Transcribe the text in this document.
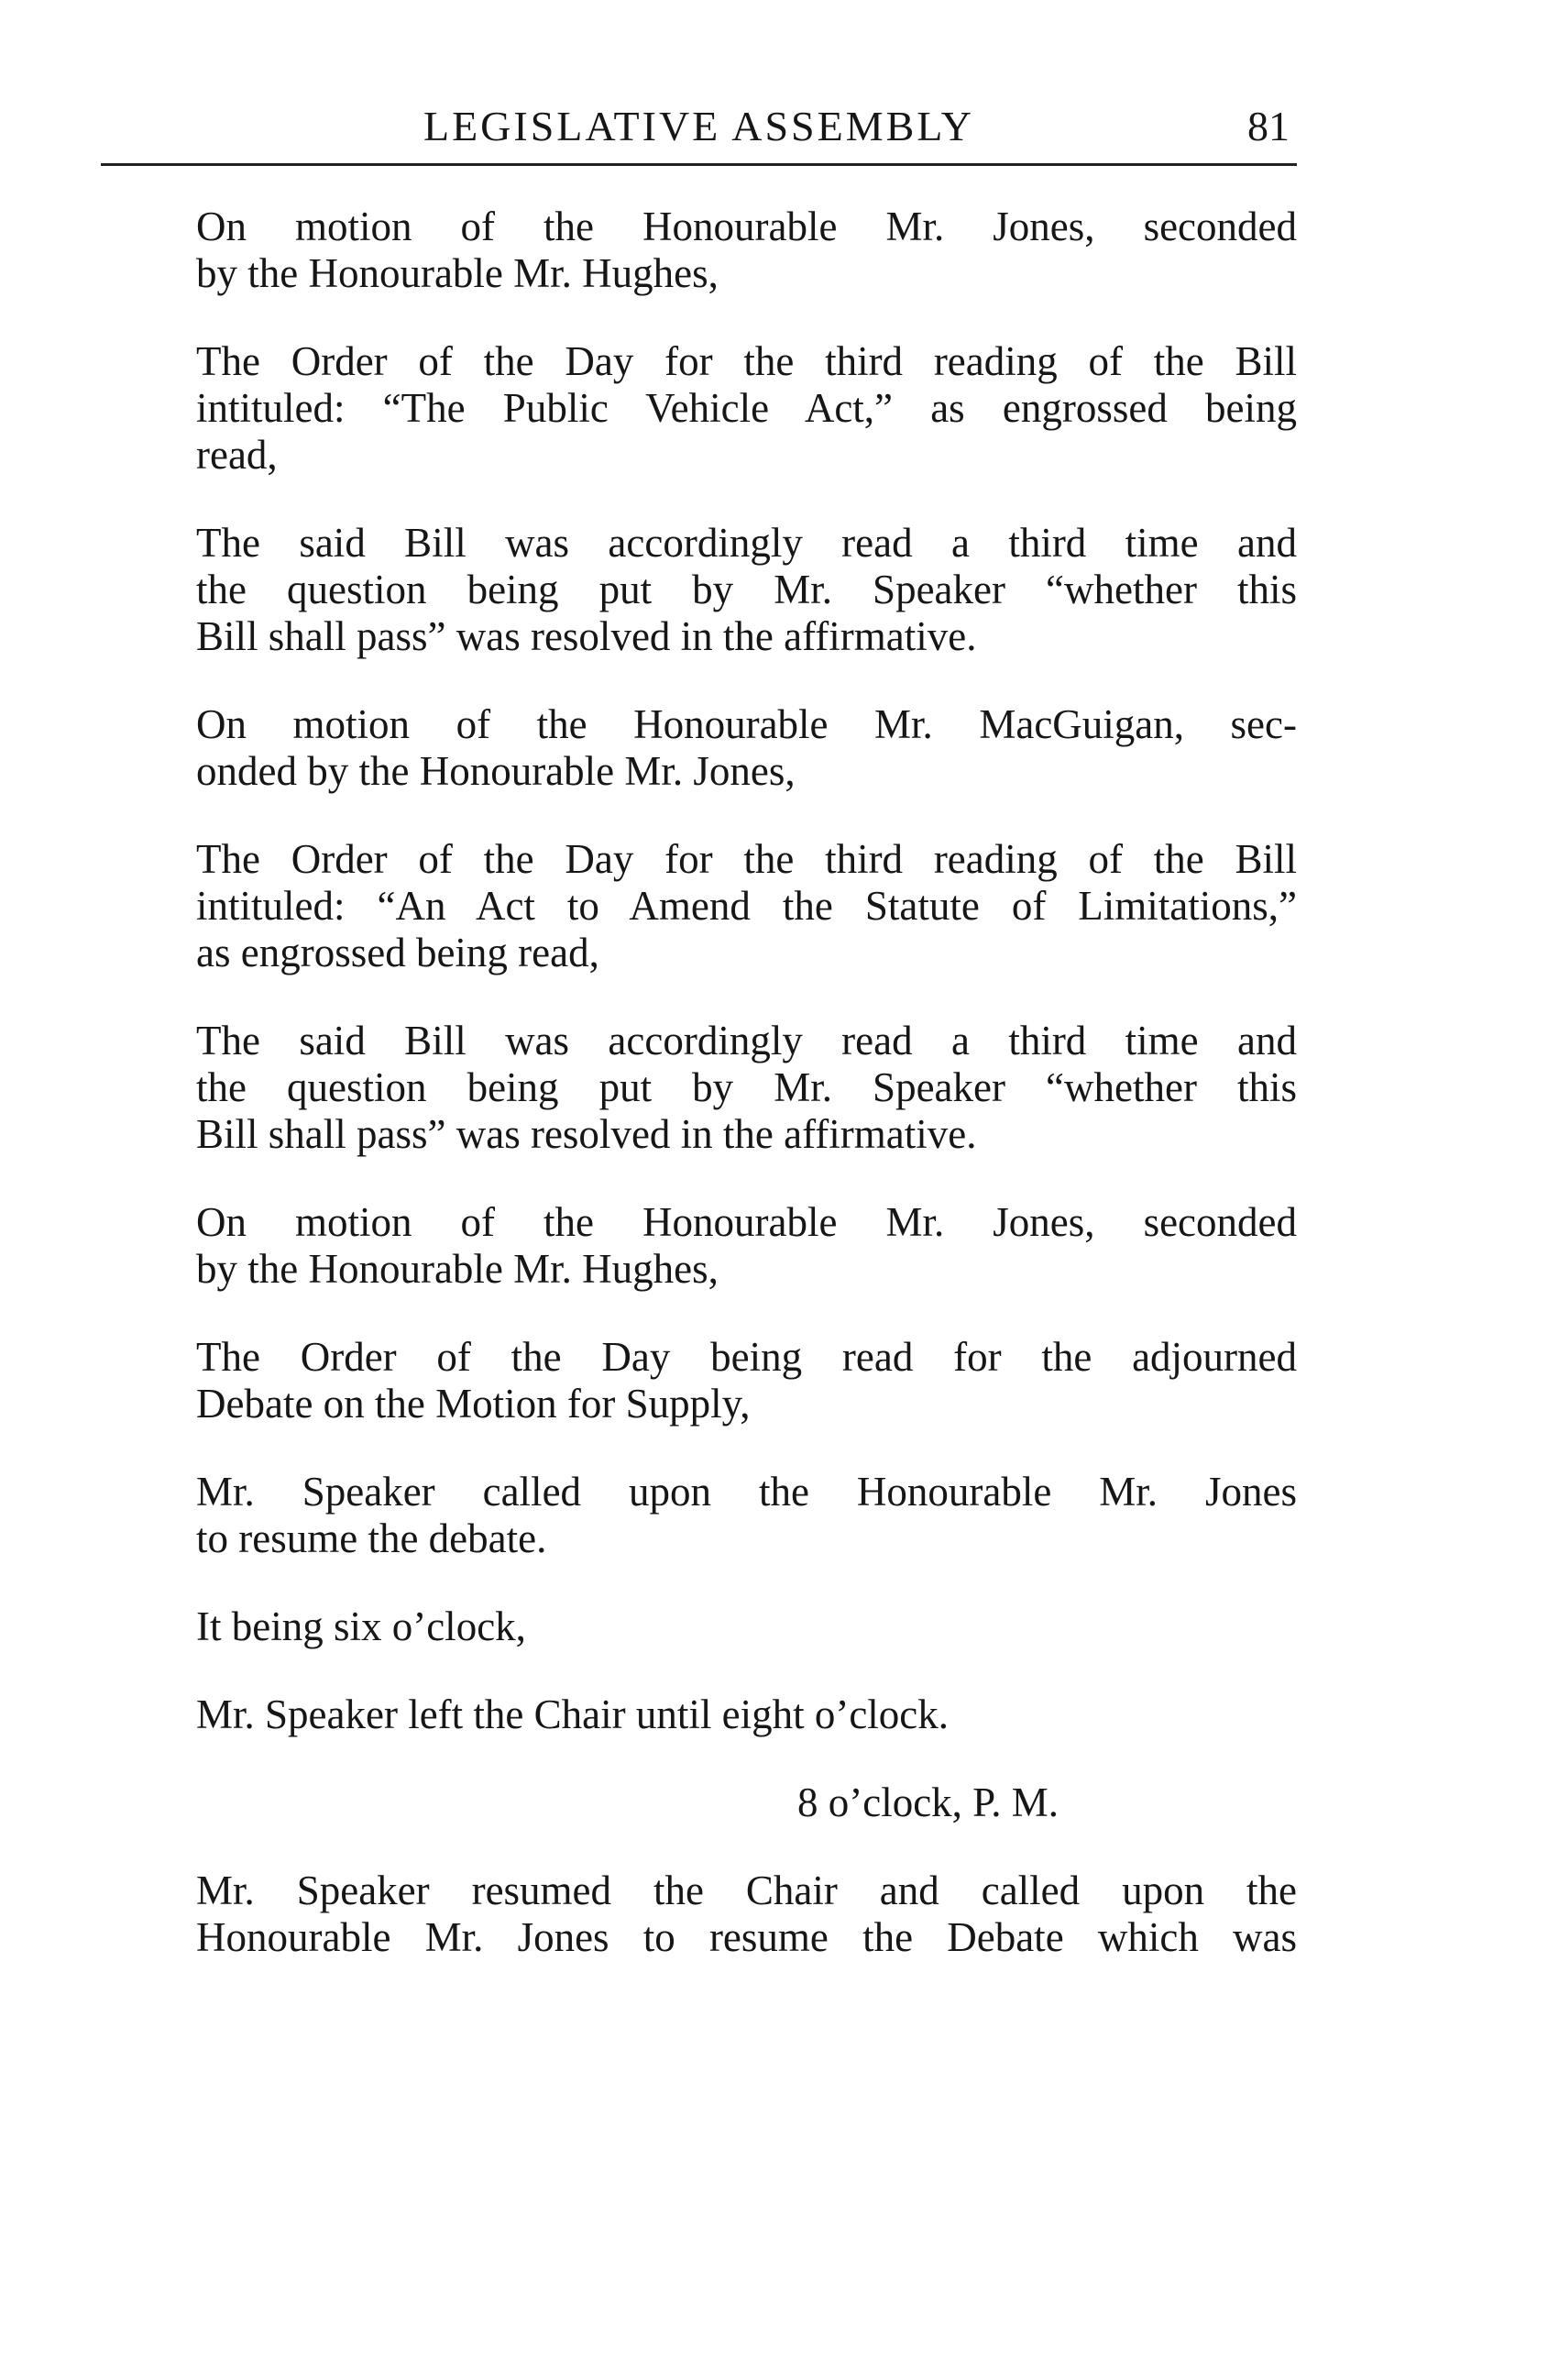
LEGISLATIVE ASSEMBLY	81

On motion of the Honourable Mr. Jones, seconded
by the Honourable Mr. Hughes,

The Order of the Day for the third reading of the Bill
intituled: “The Public Vehicle Act,” as engrossed being
read,

The said Bill was accordingly read a third time and
the question being put by Mr. Speaker “whether this
Bill shall pass” was resolved in the affirmative.

On motion of the Honourable Mr. MacGuigan, sec-
onded by the Honourable Mr. Jones,

The Order of the Day for the third reading of the Bill
intituled: “An Act to Amend the Statute of Limitations,”
as engrossed being read,

The said Bill was accordingly read a third time and
the question being put by Mr. Speaker “whether this
Bill shall pass” was resolved in the affirmative.

On motion of the Honourable Mr. Jones, seconded
by the Honourable Mr. Hughes,

The Order of the Day being read for the adjourned
Debate on the Motion for Supply,

Mr. Speaker called upon the Honourable Mr. Jones
to resume the debate.

It being six o’clock,

Mr. Speaker left the Chair until eight o’clock.

8 o’clock, P. M.

Mr. Speaker resumed the Chair and called upon the
Honourable Mr. Jones to resume the Debate which was
